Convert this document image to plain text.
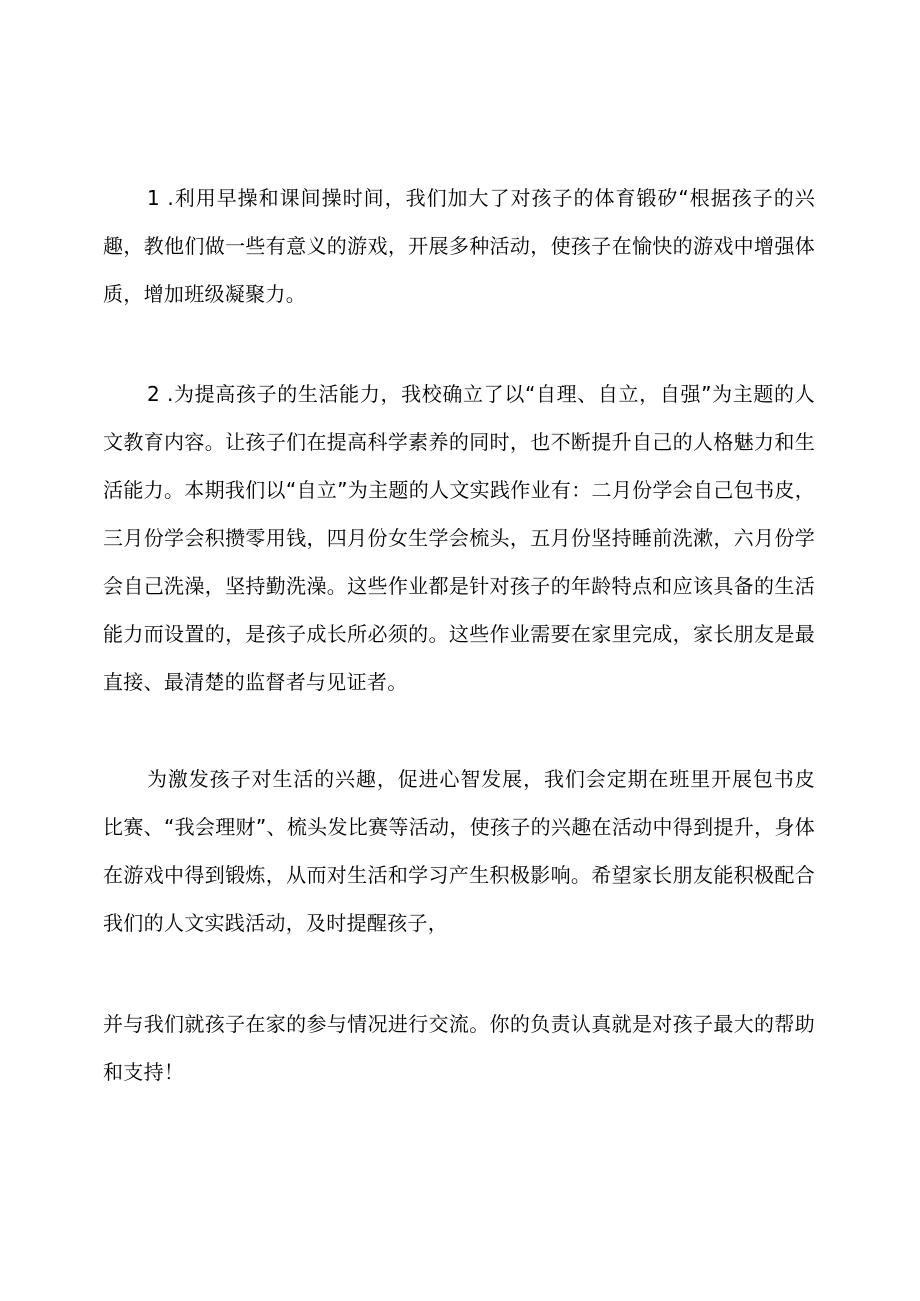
1 .利用早操和课间操时间，我们加大了对孩子的体育锻矽“根据孩子的兴趣，教他们做一些有意义的游戏，开展多种活动，使孩子在愉快的游戏中增强体质，增加班级凝聚力。

2 .为提高孩子的生活能力，我校确立了以“自理、自立，自强”为主题的人文教育内容。让孩子们在提高科学素养的同时，也不断提升自己的人格魅力和生活能力。本期我们以“自立”为主题的人文实践作业有：二月份学会自己包书皮，三月份学会积攒零用钱，四月份女生学会梳头，五月份坚持睡前洗漱，六月份学会自己洗澡，坚持勤洗澡。这些作业都是针对孩子的年龄特点和应该具备的生活能力而设置的，是孩子成长所必须的。这些作业需要在家里完成，家长朋友是最直接、最清楚的监督者与见证者。

为激发孩子对生活的兴趣，促进心智发展，我们会定期在班里开展包书皮比赛、“我会理财”、梳头发比赛等活动，使孩子的兴趣在活动中得到提升，身体在游戏中得到锻炼，从而对生活和学习产生积极影响。希望家长朋友能积极配合我们的人文实践活动，及时提醒孩子，

并与我们就孩子在家的参与情况进行交流。你的负责认真就是对孩子最大的帮助和支持！
